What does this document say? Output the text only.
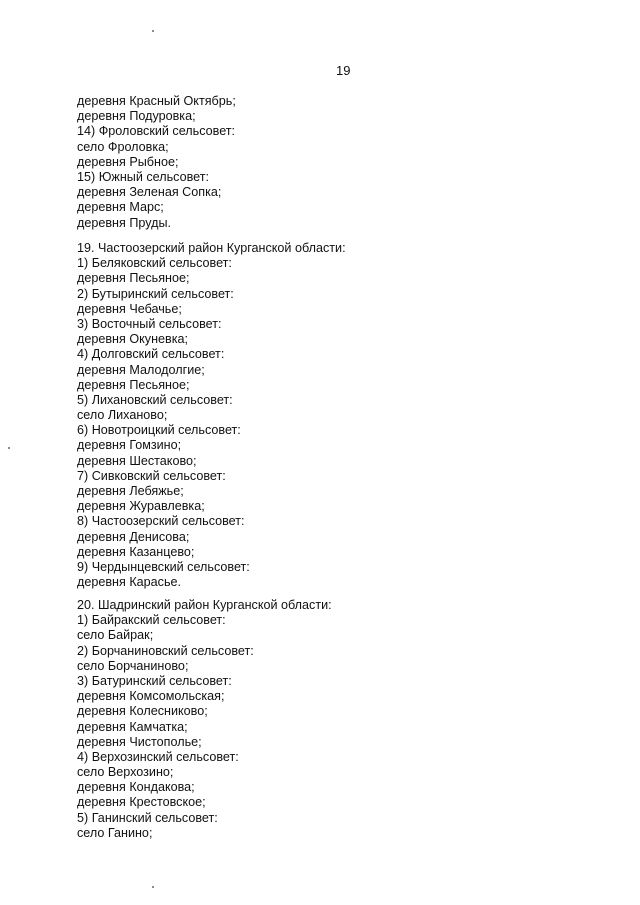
19
деревня Красный Октябрь;
деревня Подуровка;
14) Фроловский сельсовет:
село Фроловка;
деревня Рыбное;
15) Южный сельсовет:
деревня Зеленая Сопка;
деревня Марс;
деревня Пруды.
19. Частоозерский район Курганской области:
1) Беляковский сельсовет:
деревня Песьяное;
2) Бутыринский сельсовет:
деревня Чебачье;
3) Восточный сельсовет:
деревня Окуневка;
4) Долговский сельсовет:
деревня Малодолгие;
деревня Песьяное;
5) Лихановский сельсовет:
село Лиханово;
6) Новотроицкий сельсовет:
деревня Гомзино;
деревня Шестаково;
7) Сивковский сельсовет:
деревня Лебяжье;
деревня Журавлевка;
8) Частоозерский сельсовет:
деревня Денисова;
деревня Казанцево;
9) Чердынцевский сельсовет:
деревня Карасье.
20. Шадринский район Курганской области:
1) Байракский сельсовет:
село Байрак;
2) Борчаниновский сельсовет:
село Борчаниново;
3) Батуринский сельсовет:
деревня Комсомольская;
деревня Колесниково;
деревня Камчатка;
деревня Чистополье;
4) Верхозинский сельсовет:
село Верхозино;
деревня Кондакова;
деревня Крестовское;
5) Ганинский сельсовет:
село Ганино;
